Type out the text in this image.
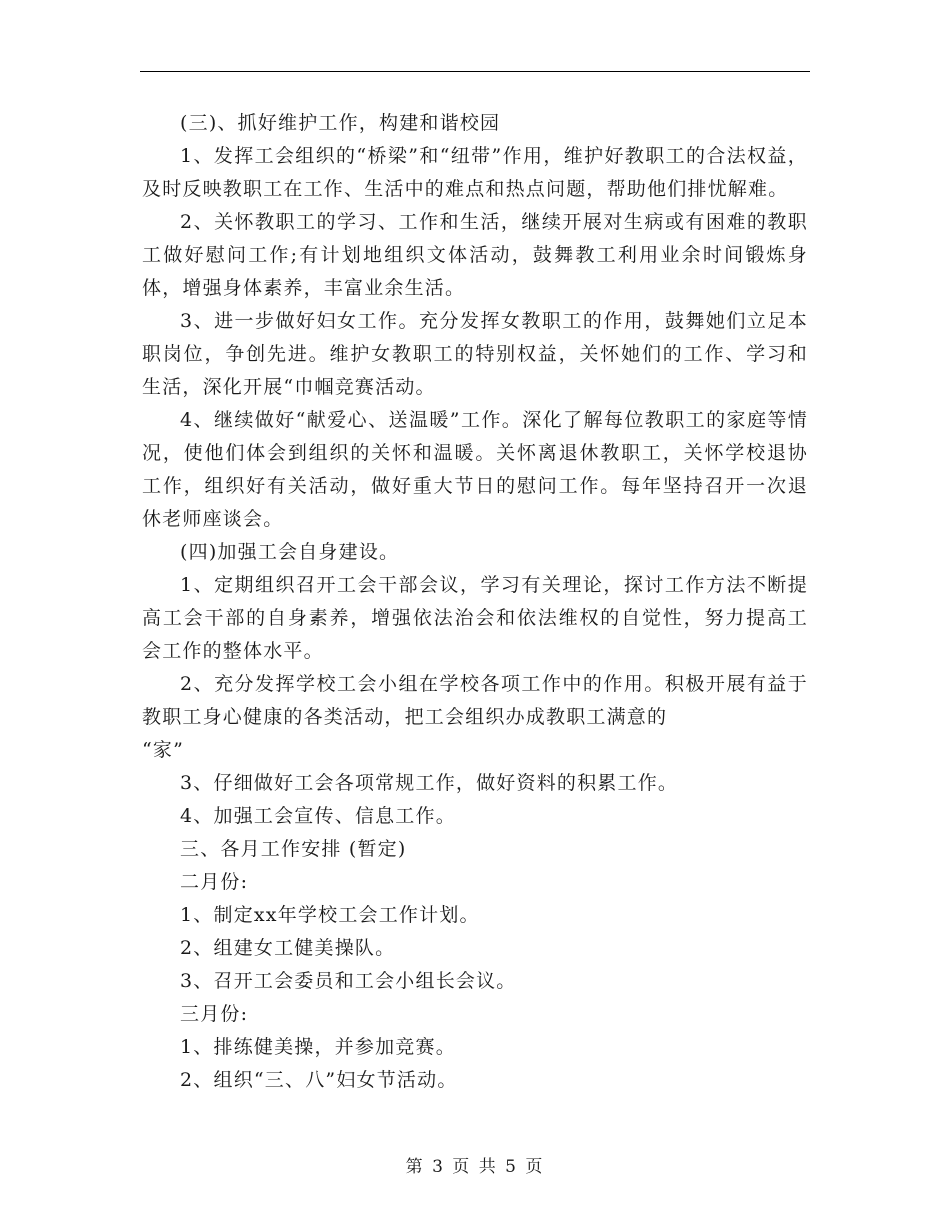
(三)、抓好维护工作，构建和谐校园

1、发挥工会组织的“桥梁”和“纽带”作用，维护好教职工的合法权益，及时反映教职工在工作、生活中的难点和热点问题，帮助他们排忧解难。

2、关怀教职工的学习、工作和生活，继续开展对生病或有困难的教职工做好慰问工作;有计划地组织文体活动，鼓舞教工利用业余时间锻炼身体，增强身体素养，丰富业余生活。

3、进一步做好妇女工作。充分发挥女教职工的作用，鼓舞她们立足本职岗位，争创先进。维护女教职工的特别权益，关怀她们的工作、学习和生活，深化开展“巾帼竞赛活动。

4、继续做好“献爱心、送温暖”工作。深化了解每位教职工的家庭等情况，使他们体会到组织的关怀和温暖。关怀离退休教职工，关怀学校退协工作，组织好有关活动，做好重大节日的慰问工作。每年坚持召开一次退休老师座谈会。

(四)加强工会自身建设。

1、定期组织召开工会干部会议，学习有关理论，探讨工作方法不断提高工会干部的自身素养，增强依法治会和依法维权的自觉性，努力提高工会工作的整体水平。

2、充分发挥学校工会小组在学校各项工作中的作用。积极开展有益于教职工身心健康的各类活动，把工会组织办成教职工满意的

“家”

3、仔细做好工会各项常规工作，做好资料的积累工作。

4、加强工会宣传、信息工作。

三、各月工作安排 (暂定)

二月份:

1、制定xx年学校工会工作计划。

2、组建女工健美操队。

3、召开工会委员和工会小组长会议。

三月份:

1、排练健美操，并参加竞赛。

2、组织“三、八”妇女节活动。

第 3 页 共 5 页
